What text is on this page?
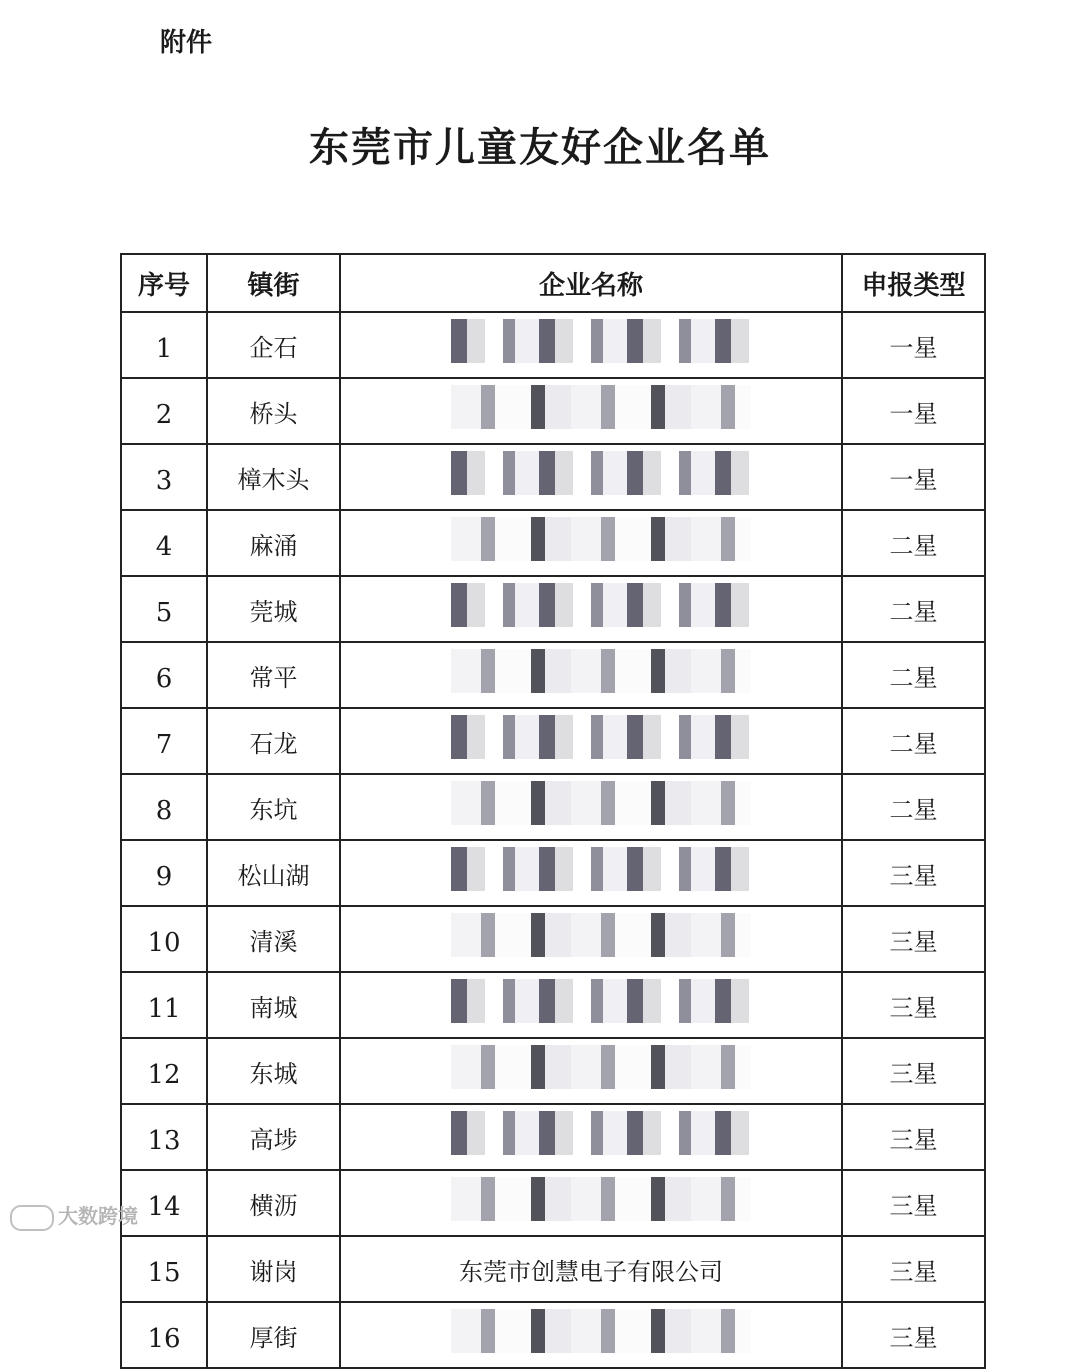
附件
东莞市儿童友好企业名单
序号	镇街	企业名称	申报类型
1	企石		一星
2	桥头		一星
3	樟木头		一星
4	麻涌		二星
5	莞城		二星
6	常平		二星
7	石龙		二星
8	东坑		二星
9	松山湖		三星
10	清溪		三星
11	南城		三星
12	东城		三星
13	高埗		三星
14	横沥		三星
15	谢岗	东莞市创慧电子有限公司	三星
16	厚街		三星
大数跨境
